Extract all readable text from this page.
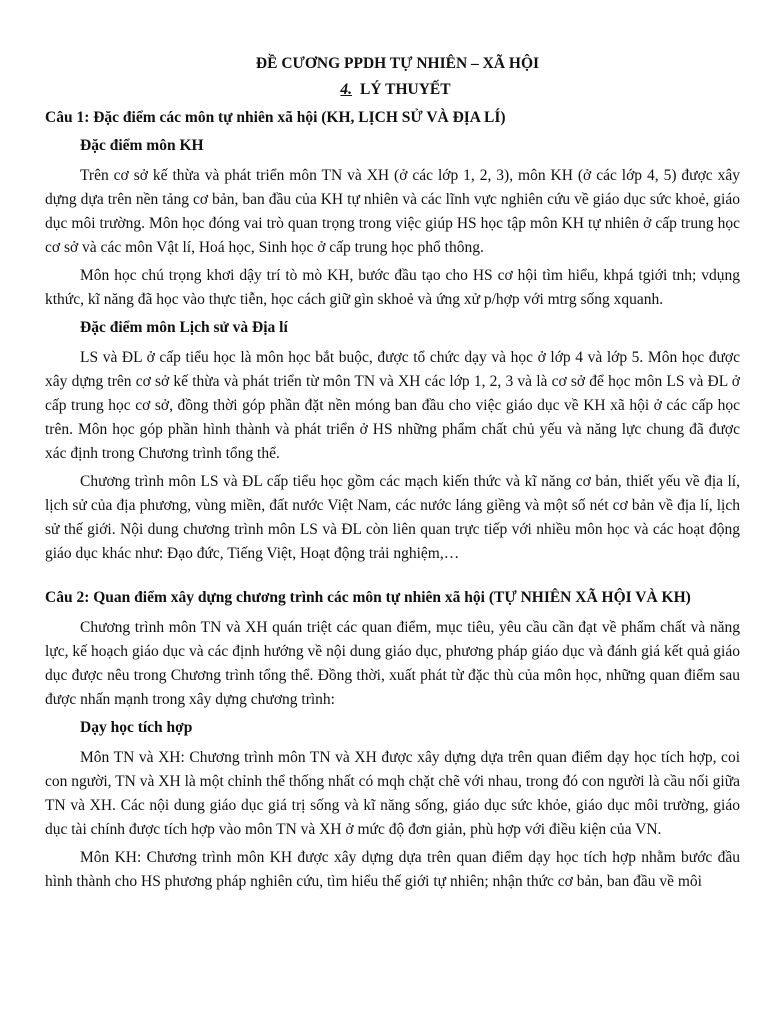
ĐỀ CƯƠNG PPDH TỰ NHIÊN – XÃ HỘI
4. LÝ THUYẾT
Câu 1: Đặc điểm các môn tự nhiên xã hội (KH, LỊCH SỬ VÀ ĐỊA LÍ)
Đặc điểm môn KH

Trên cơ sở kế thừa và phát triển môn TN và XH (ở các lớp 1, 2, 3), môn KH (ở các lớp 4, 5) được xây dựng dựa trên nền tảng cơ bản, ban đầu của KH tự nhiên và các lĩnh vực nghiên cứu về giáo dục sức khoẻ, giáo dục môi trường. Môn học đóng vai trò quan trọng trong việc giúp HS học tập môn KH tự nhiên ở cấp trung học cơ sở và các môn Vật lí, Hoá học, Sinh học ở cấp trung học phổ thông.

Môn học chú trọng khơi dậy trí tò mò KH, bước đầu tạo cho HS cơ hội tìm hiểu, khpá tgiới tnh; vdụng kthức, kĩ năng đã học vào thực tiễn, học cách giữ gìn skhoẻ và ứng xử p/hợp với mtrg sống xquanh.

Đặc điểm môn Lịch sử và Địa lí

LS và ĐL ở cấp tiểu học là môn học bắt buộc, được tổ chức dạy và học ở lớp 4 và lớp 5. Môn học được xây dựng trên cơ sở kế thừa và phát triển từ môn TN và XH các lớp 1, 2, 3 và là cơ sở để học môn LS và ĐL ở cấp trung học cơ sở, đồng thời góp phần đặt nền móng ban đầu cho việc giáo dục về KH xã hội ở các cấp học trên. Môn học góp phần hình thành và phát triển ở HS những phẩm chất chủ yếu và năng lực chung đã được xác định trong Chương trình tổng thể.

Chương trình môn LS và ĐL cấp tiểu học gồm các mạch kiến thức và kĩ năng cơ bản, thiết yếu về địa lí, lịch sử của địa phương, vùng miền, đất nước Việt Nam, các nước láng giềng và một số nét cơ bản về địa lí, lịch sử thế giới. Nội dung chương trình môn LS và ĐL còn liên quan trực tiếp với nhiều môn học và các hoạt động giáo dục khác như: Đạo đức, Tiếng Việt, Hoạt động trải nghiệm,…

Câu 2: Quan điểm xây dựng chương trình các môn tự nhiên xã hội (TỰ NHIÊN XÃ HỘI VÀ KH)

Chương trình môn TN và XH quán triệt các quan điểm, mục tiêu, yêu cầu cần đạt về phẩm chất và năng lực, kế hoạch giáo dục và các định hướng về nội dung giáo dục, phương pháp giáo dục và đánh giá kết quả giáo dục được nêu trong Chương trình tổng thể. Đồng thời, xuất phát từ đặc thù của môn học, những quan điểm sau được nhấn mạnh trong xây dựng chương trình:

Dạy học tích hợp

Môn TN và XH: Chương trình môn TN và XH được xây dựng dựa trên quan điểm dạy học tích hợp, coi con người, TN và XH là một chỉnh thể thống nhất có mqh chặt chẽ với nhau, trong đó con người là cầu nối giữa TN và XH. Các nội dung giáo dục giá trị sống và kĩ năng sống, giáo dục sức khỏe, giáo dục môi trường, giáo dục tài chính được tích hợp vào môn TN và XH ở mức độ đơn giản, phù hợp với điều kiện của VN.

Môn KH: Chương trình môn KH được xây dựng dựa trên quan điểm dạy học tích hợp nhằm bước đầu hình thành cho HS phương pháp nghiên cứu, tìm hiểu thế giới tự nhiên; nhận thức cơ bản, ban đầu về môi
